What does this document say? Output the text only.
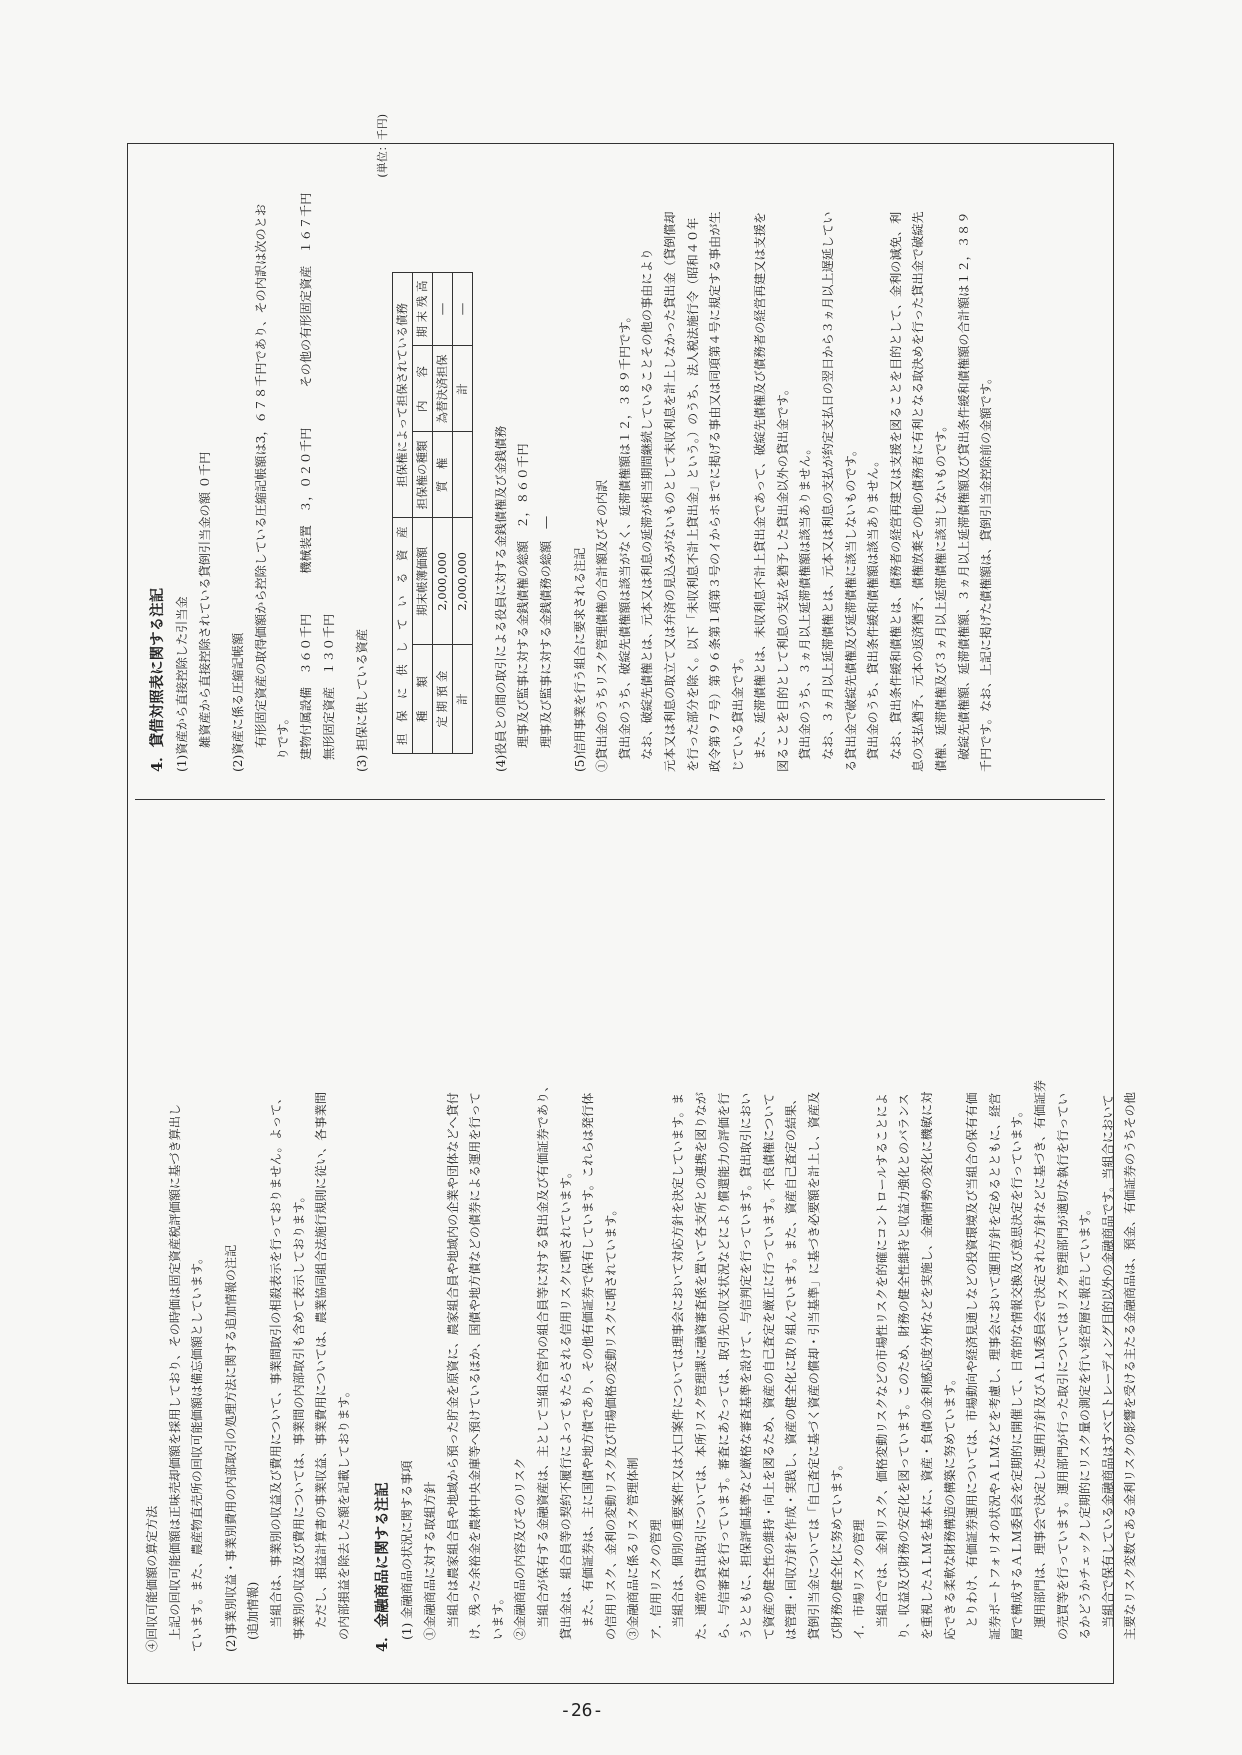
④回収可能価額の算定方法 上記の回収可能価額は正味売却価額を採用しており、その時価は固定資産税評価額に基づき算出し ています。また、農産物直売所の回収可能価額は備忘価額としています。	(2)事業別収益・事業別費用の内部取引の処理方法に関する追加情報の注記 (追加情報) 当組合は、事業別の収益及び費用について、事業間取引の相殺表示を行っておりません。よって、 事業別の収益及び費用については、事業間の内部取引も含めて表示しております。 ただし、損益計算書の事業収益、事業費用については、農業協同組合法施行規則に従い、各事業間 の内部損益を除去した額を記載しております。	4．金融商品に関する注記 (1) 金融商品の状況に関する事項 ①金融商品に対する取組方針 当組合は農家組合員や地域から預った貯金を原資に、農家組合員や地域内の企業や団体などへ貸付 け、残った余裕金を農林中央金庫等へ預けているほか、国債や地方債などの債券による運用を行って います。 ②金融商品の内容及びそのリスク 当組合が保有する金融資産は、主として当組合管内の組合員等に対する貸出金及び有価証券であり、 貸出金は、組合員等の契約不履行によってもたらされる信用リスクに晒されています。 また、有価証券は、主に国債や地方債であり、その他有価証券で保有しています。これらは発行体 の信用リスク、金利の変動リスク及び市場価格の変動リスクに晒されています。 ③金融商品に係るリスク管理体制 ア．信用リスクの管理 当組合は、個別の重要案件又は大口案件については理事会において対応方針を決定しています。ま た、通常の貸出取引については、本所リスク管理課に融資審査係を置いて各支所との連携を図りなが ら、与信審査を行っています。審査にあたっては、取引先の収支状況などにより償還能力の評価を行 うとともに、担保評価基準など厳格な審査基準を設けて、与信判定を行っています。貸出取引におい て資産の健全性の維持・向上を図るため、資産の自己査定を厳正に行っています。不良債権について は管理・回収方針を作成・実践し、資産の健全化に取り組んでいます。また、資産自己査定の結果、 貸倒引当金については「自己査定に基づく資産の償却・引当基準」に基づき必要額を計上し、資産及 び財務の健全化に努めています。 イ．市場リスクの管理 当組合では、金利リスク、価格変動リスクなどの市場性リスクを的確にコントロールすることによ り、収益及び財務の安定化を図っています。このため、財務の健全性維持と収益力強化とのバランス を重視したＡＬＭを基本に、資産・負債の金利感応度分析などを実施し、金融情勢の変化に機敏に対 応できる柔軟な財務構造の構築に努めています。 とりわけ、有価証券運用については、市場動向や経済見通しなどの投資環境及び当組合の保有有価 証券ポートフォリオの状況やＡＬＭなどを考慮し、理事会において運用方針を定めるとともに、経営 層で構成するＡＬＭ委員会を定期的に開催して、日常的な情報交換及び意思決定を行っています。 運用部門は、理事会で決定した運用方針及びＡＬＭ委員会で決定された方針などに基づき、有価証券 の売買等を行っています。運用部門が行った取引についてはリスク管理部門が適切な執行を行ってい るかどうかチェックし定期的にリスク量の測定を行い経営層に報告しています。 当組合で保有している金融商品はすべてトレーディング目的以外の金融商品です。当組合において 主要なリスク変数である金利リスクの影響を受ける主たる金融商品は、預金、有価証券のうちその他

4．貸借対照表に関する注記 (1)資産から直接控除した引当金 雑資産から直接控除されている貸倒引当金の額 ０千円	(2)資産に係る圧縮記帳額 有形固定資産の取得価額から控除している圧縮記帳額は3，６７８千円であり、その内訳は次のとお りです。 建物付属設備　３６０千円

機械装置　３，０２０千円

その他の有形固定資産　１６７千円

無形固定資産　１３０千円	(3) 担保に供している資産

(単位：千円)
担　保　に　供　し　て　い　る　資　産		担保権によって担保されている債務		
種　　類	期末帳簿価額	担保権の種類	内　　容	期 末 残 高
定 期 預 金	2,000,000	質　権	為替決済担保	―
計	2,000,000		計	―

(4)役員との間の取引による役員に対する金銭債権及び金銭債務 理事及び監事に対する金銭債権の総額　２，８６０千円 理事及び監事に対する金銭債務の総額　―	(5)信用事業を行う組合に要求される注記 ①貸出金のうちリスク管理債権の合計額及びその内訳 貸出金のうち、破綻先債権額は該当がなく、延滞債権額は１２，３８９千円です。 なお、破綻先債権とは、元本又は利息の延滞が相当期間継続していることその他の事由により 元本又は利息の取立て又は弁済の見込みがないものとして未収利息を計上しなかった貸出金（貸倒償却 を行った部分を除く。以下「未収利息不計上貸出金」という。）のうち、法人税法施行令（昭和４０年 政令第９７号）第９６条第１項第３号のイからホまでに掲げる事由又は同項第４号に規定する事由が生 じている貸出金です。 また、延滞債権とは、未収利息不計上貸出金であって、破綻先債権及び債務者の経営再建又は支援を 図ることを目的として利息の支払を猶予した貸出金以外の貸出金です。 貸出金のうち、３ヵ月以上延滞債権額は該当ありません。 なお、３ヵ月以上延滞債権とは、元本又は利息の支払が約定支払日の翌日から３ヵ月以上遅延してい る貸出金で破綻先債権及び延滞債権に該当しないものです。 貸出金のうち、貸出条件緩和債権額は該当ありません。 なお、貸出条件緩和債権とは、債務者の経営再建又は支援を図ることを目的として、金利の減免、利 息の支払猶予、元本の返済猶予、債権放棄その他の債務者に有利となる取決めを行った貸出金で破綻先 債権、延滞債権及び３ヵ月以上延滞債権に該当しないものです。 破綻先債権額、延滞債権額、３ヵ月以上延滞債権額及び貸出条件緩和債権額の合計額は１２，３８９ 千円です。なお、上記に掲げた債権額は、貸倒引当金控除前の金額です。

-26-
